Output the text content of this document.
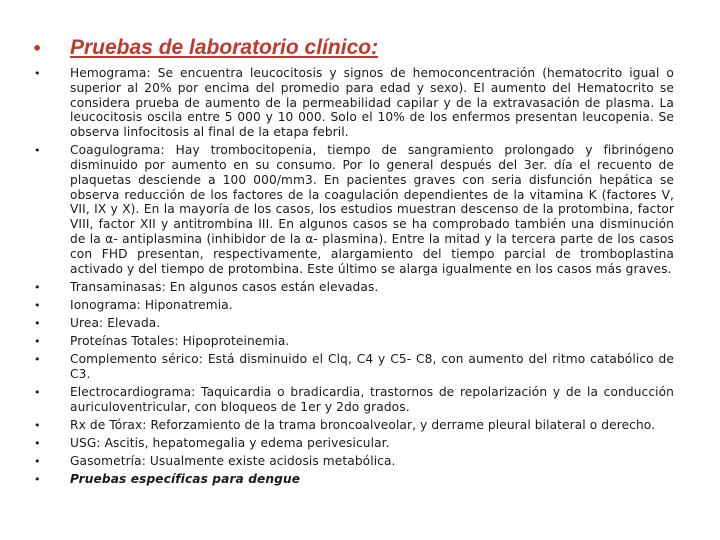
•	Pruebas de laboratorio clínico:
•	Hemograma: Se encuentra leucocitosis y signos de hemoconcentración (hematocrito igual o superior al 20% por encima del promedio para edad y sexo). El aumento del Hematocrito se considera prueba de aumento de la permeabilidad capilar y de la extravasación de plasma. La leucocitosis oscila entre 5 000 y 10 000. Solo el 10% de los enfermos presentan leucopenia. Se observa linfocitosis al final de la etapa febril.
•	Coagulograma: Hay trombocitopenia, tiempo de sangramiento prolongado y fibrinógeno disminuido por aumento en su consumo. Por lo general después del 3er. día el recuento de plaquetas desciende a 100 000/mm3. En pacientes graves con seria disfunción hepática se observa reducción de los factores de la coagulación dependientes de la vitamina K (factores V, VII, IX y X). En la mayoría de los casos, los estudios muestran descenso de la protombina, factor VIII, factor XII y antitrombina III. En algunos casos se ha comprobado también una disminución de la α- antiplasmina (inhibidor de la α- plasmina). Entre la mitad y la tercera parte de los casos con FHD presentan, respectivamente, alargamiento del tiempo parcial de tromboplastina activado y del tiempo de protombina. Este último se alarga igualmente en los casos más graves.
•	Transaminasas: En algunos casos están elevadas.
•	Ionograma: Hiponatremia.
•	Urea: Elevada.
•	Proteínas Totales: Hipoproteinemia.
•	Complemento sérico: Está disminuido el Clq, C4 y C5- C8, con aumento del ritmo catabólico de C3.
•	Electrocardiograma: Taquicardia o bradicardia, trastornos de repolarización y de la conducción auriculoventricular, con bloqueos de 1er y 2do grados.
•	Rx de Tórax: Reforzamiento de la trama broncoalveolar, y derrame pleural bilateral o derecho.
•	USG: Ascitis, hepatomegalia y edema perivesicular.
•	Gasometría: Usualmente existe acidosis metabólica.
•	Pruebas específicas para dengue
